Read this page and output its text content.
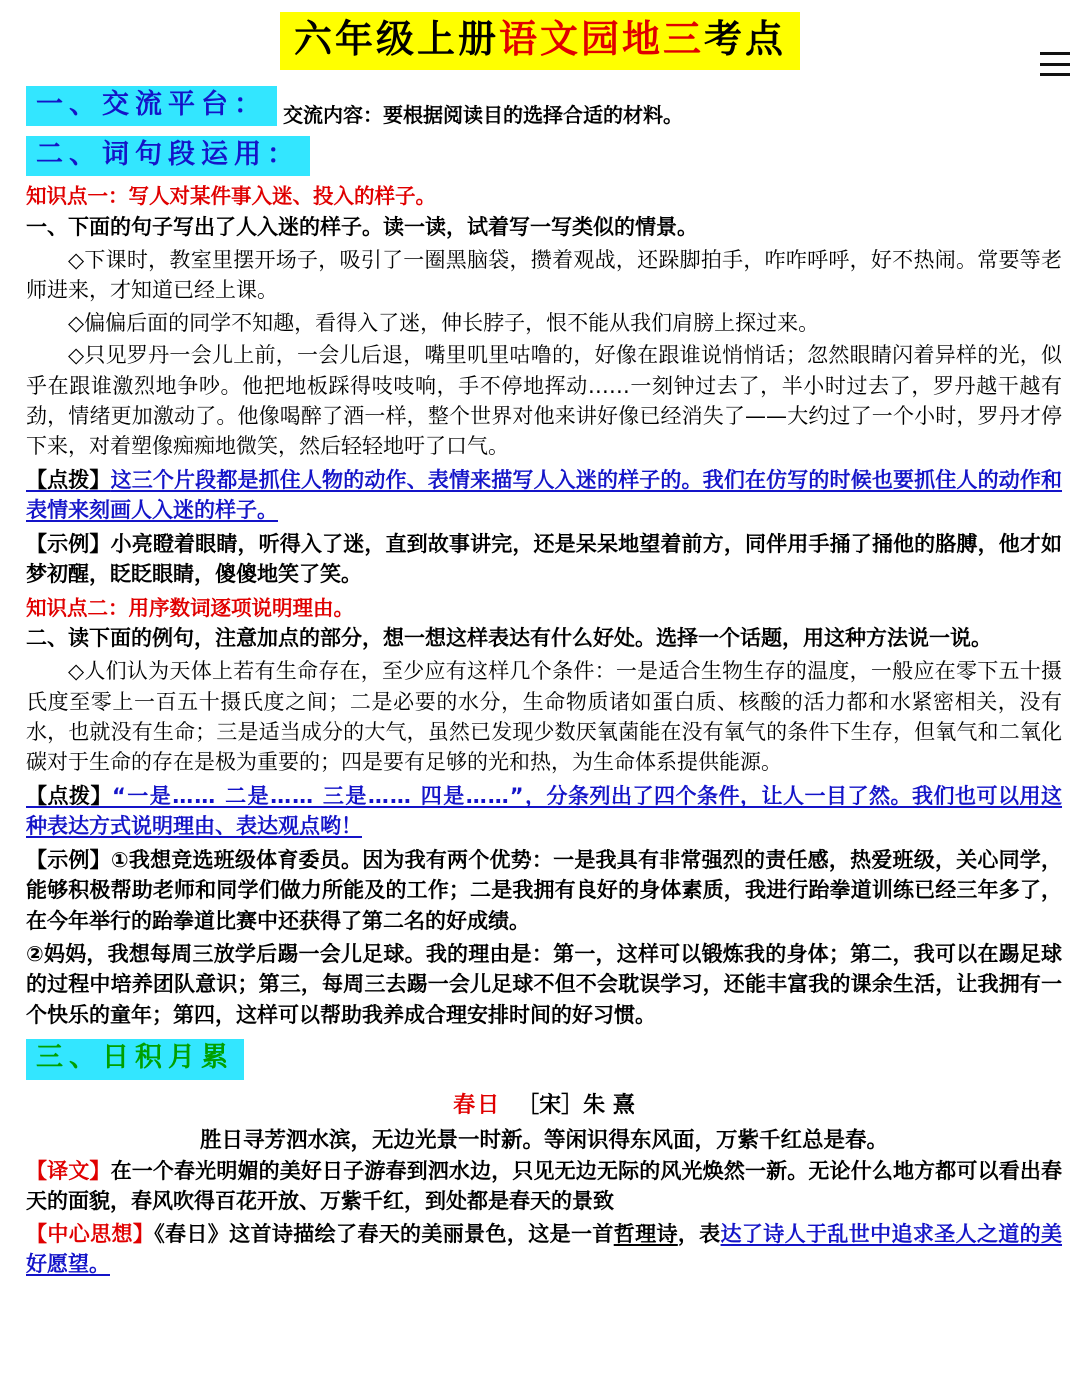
六年级上册语文园地三考点
一、交流平台： 交流内容：要根据阅读目的选择合适的材料。
二、词句段运用：
知识点一：写人对某件事入迷、投入的样子。
一、下面的句子写出了人入迷的样子。读一读，试着写一写类似的情景。
◇下课时，教室里摆开场子，吸引了一圈黑脑袋，攒着观战，还跺脚拍手，咋咋呼呼，好不热闹。常要等老师进来，才知道已经上课。
◇偏偏后面的同学不知趣，看得入了迷，伸长脖子，恨不能从我们肩膀上探过来。
◇只见罗丹一会儿上前，一会儿后退，嘴里叽里咕噜的，好像在跟谁说悄悄话；忽然眼睛闪着异样的光，似乎在跟谁激烈地争吵。他把地板踩得吱吱响，手不停地挥动……一刻钟过去了，半小时过去了，罗丹越干越有劲，情绪更加激动了。他像喝醉了酒一样，整个世界对他来讲好像已经消失了——大约过了一个小时，罗丹才停下来，对着塑像痴痴地微笑，然后轻轻地吁了口气。
【点拨】这三个片段都是抓住人物的动作、表情来描写人入迷的样子的。我们在仿写的时候也要抓住人的动作和表情来刻画人入迷的样子。
【示例】小亮瞪着眼睛，听得入了迷，直到故事讲完，还是呆呆地望着前方，同伴用手捅了捅他的胳膊，他才如梦初醒，眨眨眼睛，傻傻地笑了笑。
知识点二：用序数词逐项说明理由。
二、读下面的例句，注意加点的部分，想一想这样表达有什么好处。选择一个话题，用这种方法说一说。
◇人们认为天体上若有生命存在，至少应有这样几个条件：一是适合生物生存的温度，一般应在零下五十摄氏度至零上一百五十摄氏度之间；二是必要的水分，生命物质诸如蛋白质、核酸的活力都和水紧密相关，没有水，也就没有生命；三是适当成分的大气，虽然已发现少数厌氧菌能在没有氧气的条件下生存，但氧气和二氧化碳对于生命的存在是极为重要的；四是要有足够的光和热，为生命体系提供能源。
【点拨】“一是…… 二是…… 三是…… 四是……”，分条列出了四个条件，让人一目了然。我们也可以用这种表达方式说明理由、表达观点哟！
【示例】①我想竞选班级体育委员。因为我有两个优势：一是我具有非常强烈的责任感，热爱班级，关心同学，能够积极帮助老师和同学们做力所能及的工作；二是我拥有良好的身体素质，我进行跆拳道训练已经三年多了，在今年举行的跆拳道比赛中还获得了第二名的好成绩。
②妈妈，我想每周三放学后踢一会儿足球。我的理由是：第一，这样可以锻炼我的身体；第二，我可以在踢足球的过程中培养团队意识；第三，每周三去踢一会儿足球不但不会耽误学习，还能丰富我的课余生活，让我拥有一个快乐的童年；第四，这样可以帮助我养成合理安排时间的好习惯。
三、日积月累
春日 ［宋］朱 熹
胜日寻芳泗水滨，无边光景一时新。等闲识得东风面，万紫千红总是春。
【译文】在一个春光明媚的美好日子游春到泗水边，只见无边无际的风光焕然一新。无论什么地方都可以看出春天的面貌，春风吹得百花开放、万紫千红，到处都是春天的景致
【中心思想】《春日》这首诗描绘了春天的美丽景色，这是一首哲理诗，表达了诗人于乱世中追求圣人之道的美好愿望。
